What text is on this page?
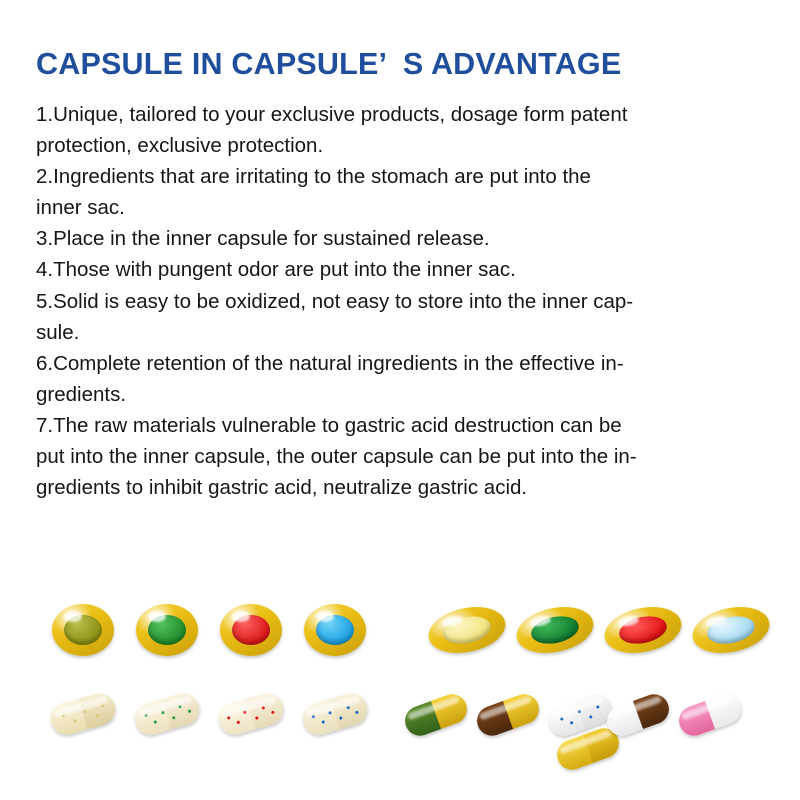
CAPSULE IN CAPSULE’  S ADVANTAGE
1.Unique, tailored to your exclusive products, dosage form patent
protection, exclusive protection.
2.Ingredients that are irritating to the stomach are put into the
inner sac.
3.Place in the inner capsule for sustained release.
4.Those with pungent odor are put into the inner sac.
5.Solid is easy to be oxidized, not easy to store into the inner cap-
sule.
6.Complete retention of the natural ingredients in the effective in-
gredients.
7.The raw materials vulnerable to gastric acid destruction can be
put into the inner capsule, the outer capsule can be put into the in-
gredients to inhibit gastric acid, neutralize gastric acid.
